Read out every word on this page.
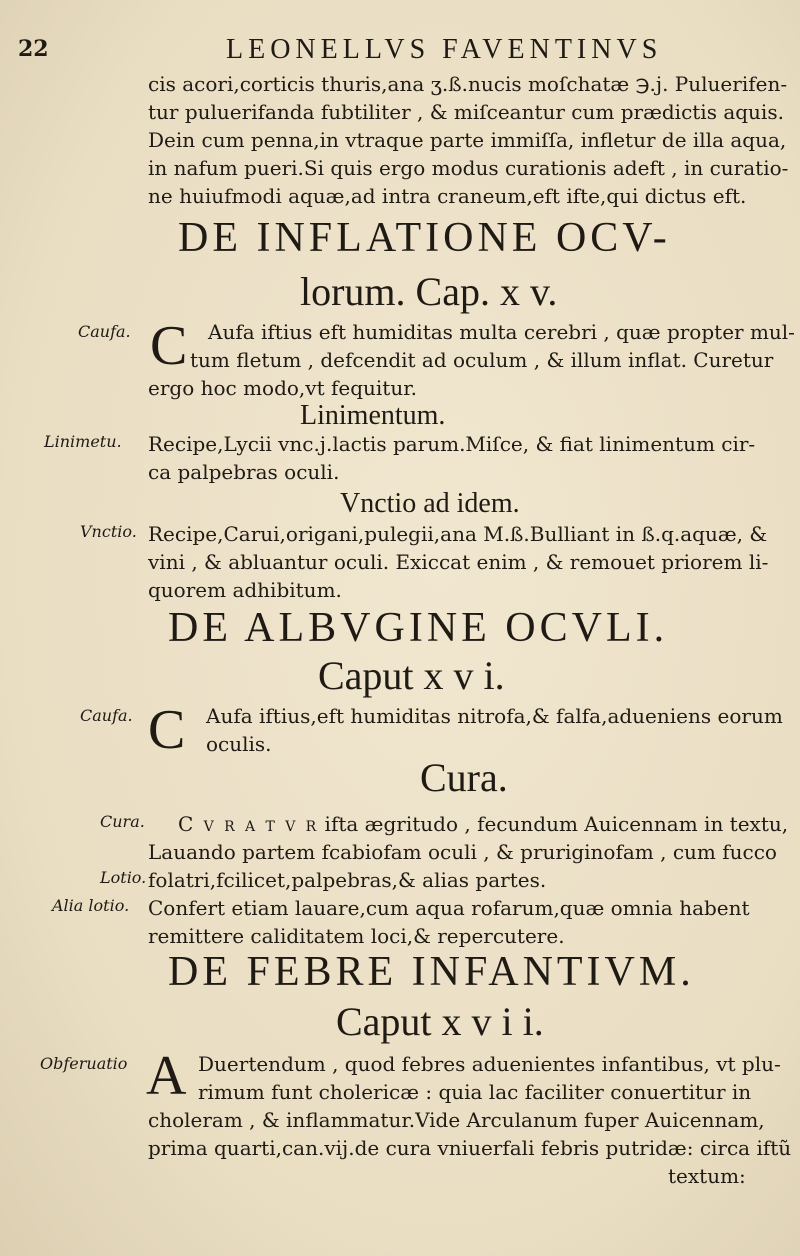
22	LEONELLVS FAVENTINVS
cis acori,corticis thuris,ana ʒ.ß.nucis moſchatæ ℈.j. Puluerifen-
tur puluerifanda fubtiliter , & miſceantur cum prædictis aquis.
Dein cum penna,in vtraque parte immiſſa, infletur de illa aqua,
in nafum pueri.Si quis ergo modus curationis adeft , in curatio-
ne huiufmodi aquæ,ad intra craneum,eft ifte,qui dictus eft.
DE INFLATIONE OCV-
lorum. Cap. x v.
Caufa. C Aufa iftius eft humiditas multa cerebri , quæ propter mul-
tum fletum , defcendit ad oculum , & illum inflat. Curetur
ergo hoc modo,vt fequitur.
Linimentum.
Linimetu. Recipe,Lycii vnc.j.lactis parum.Miſce, & fiat linimentum cir-
ca palpebras oculi.
Vnctio ad idem.
Vnctio. Recipe,Carui,origani,pulegii,ana M.ß.Bulliant in ß.q.aquæ, &
vini , & abluantur oculi. Exiccat enim , & remouet priorem li-
quorem adhibitum.
DE ALBVGINE OCVLI.
Caput x v i.
Caufa. C Aufa iftius,eft humiditas nitrofa,& falfa,adueniens eorum
oculis.
Cura.
Cura. C v r a t v r ifta ægritudo , fecundum Auicennam in textu,
Lauando partem fcabiofam oculi , & pruriginofam , cum fucco
Lotio. folatri,fcilicet,palpebras,& alias partes.
Alia lotio. Confert etiam lauare,cum aqua rofarum,quæ omnia habent
remittere caliditatem loci,& repercutere.
DE FEBRE INFANTIVM.
Caput x v i i.
Obferuatio A Duertendum , quod febres aduenientes infantibus, vt plu-
rimum funt cholericæ : quia lac faciliter conuertitur in
choleram , & inflammatur.Vide Arculanum fuper Auicennam,
prima quarti,can.vij.de cura vniuerfali febris putridæ: circa iftũ
textum:
